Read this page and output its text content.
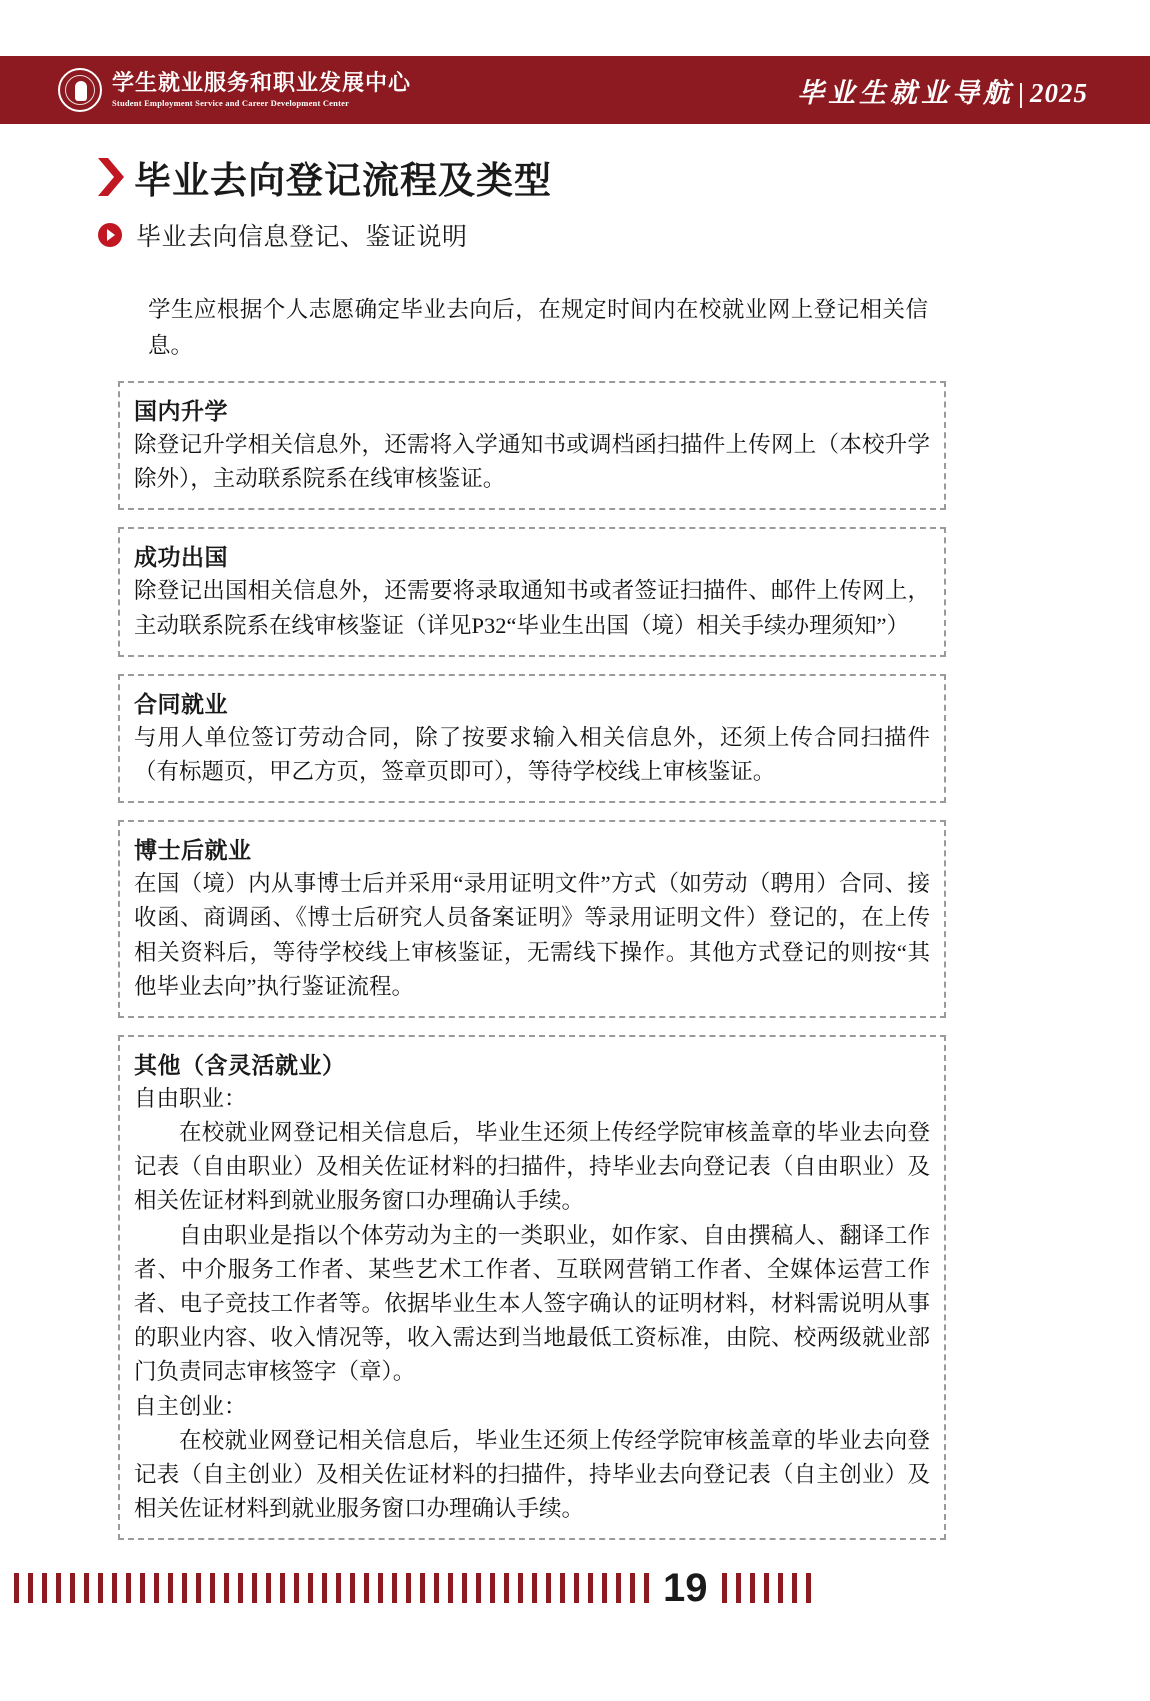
学生就业服务和职业发展中心
Student Employment Service and Career Development Center	毕业生就业导航 | 2025
毕业去向登记流程及类型
毕业去向信息登记、鉴证说明
学生应根据个人志愿确定毕业去向后，在规定时间内在校就业网上登记相关信息。
国内升学
除登记升学相关信息外，还需将入学通知书或调档函扫描件上传网上（本校升学除外），主动联系院系在线审核鉴证。
成功出国
除登记出国相关信息外，还需要将录取通知书或者签证扫描件、邮件上传网上，主动联系院系在线审核鉴证（详见P32“毕业生出国（境）相关手续办理须知”）
合同就业
与用人单位签订劳动合同，除了按要求输入相关信息外，还须上传合同扫描件（有标题页，甲乙方页，签章页即可），等待学校线上审核鉴证。
博士后就业
在国（境）内从事博士后并采用“录用证明文件”方式（如劳动（聘用）合同、接收函、商调函、《博士后研究人员备案证明》等录用证明文件）登记的，在上传相关资料后，等待学校线上审核鉴证，无需线下操作。其他方式登记的则按“其他毕业去向”执行鉴证流程。
其他（含灵活就业）
自由职业：
在校就业网登记相关信息后，毕业生还须上传经学院审核盖章的毕业去向登记表（自由职业）及相关佐证材料的扫描件，持毕业去向登记表（自由职业）及相关佐证材料到就业服务窗口办理确认手续。
自由职业是指以个体劳动为主的一类职业，如作家、自由撰稿人、翻译工作者、中介服务工作者、某些艺术工作者、互联网营销工作者、全媒体运营工作者、电子竞技工作者等。依据毕业生本人签字确认的证明材料，材料需说明从事的职业内容、收入情况等，收入需达到当地最低工资标准，由院、校两级就业部门负责同志审核签字（章）。
自主创业：
在校就业网登记相关信息后，毕业生还须上传经学院审核盖章的毕业去向登记表（自主创业）及相关佐证材料的扫描件，持毕业去向登记表（自主创业）及相关佐证材料到就业服务窗口办理确认手续。
19
